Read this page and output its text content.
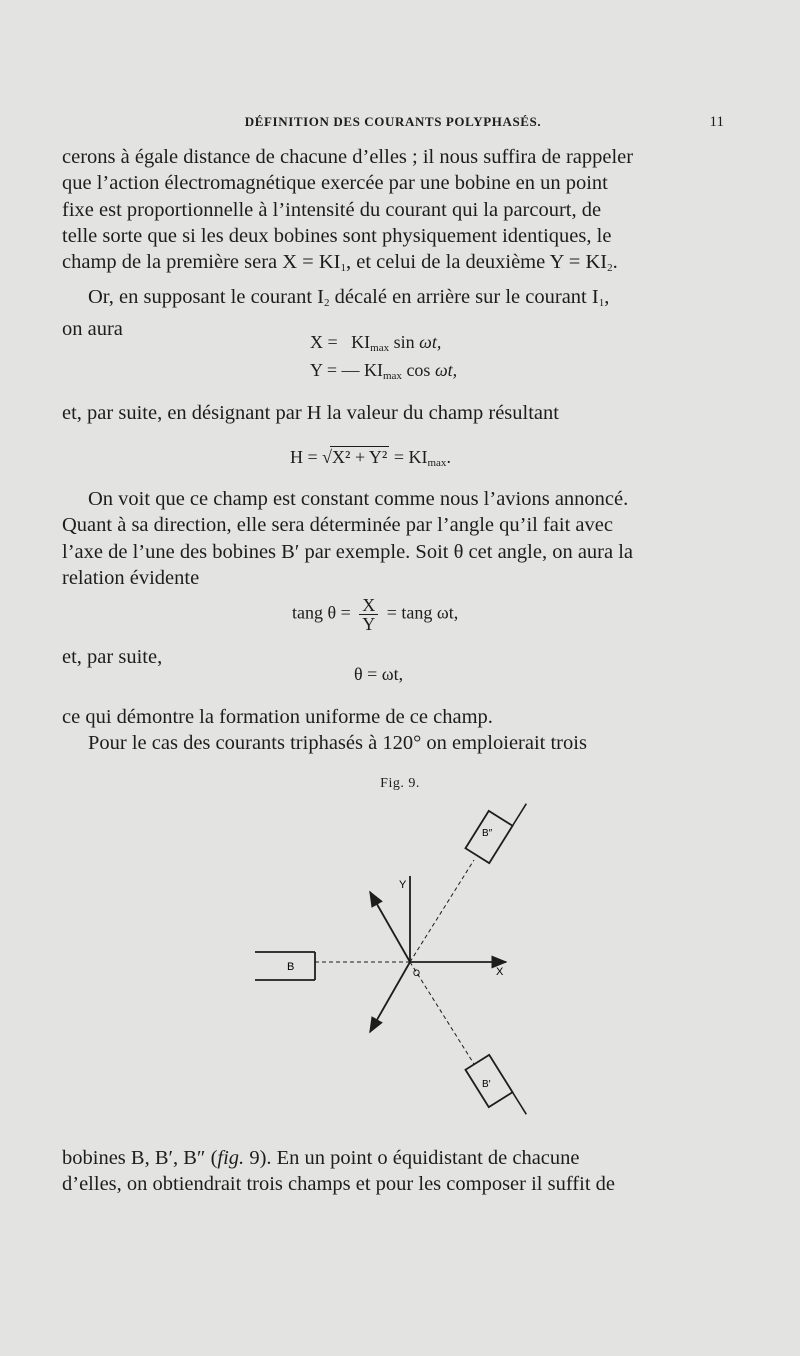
DÉFINITION DES COURANTS POLYPHASÉS.	11
cerons à égale distance de chacune d’elles ; il nous suffira de rappeler
que l’action électromagnétique exercée par une bobine en un point
fixe est proportionnelle à l’intensité du courant qui la parcourt, de
telle sorte que si les deux bobines sont physiquement identiques, le
champ de la première sera $X = KI_1$, et celui de la deuxième $Y = KI_2$.
Or, en supposant le courant $I_2$ décalé en arrière sur le courant $I_1$,
on aura
$X = KI_{max}$ sin ωt,
Y = — $KI_{max}$ cos ωt,
et, par suite, en désignant par H la valeur du champ résultant
$H = √X^2 + Y^2 = KI_{max}$.
On voit que ce champ est constant comme nous l’avions annoncé.
Quant à sa direction, elle sera déterminée par l’angle qu’il fait avec
l’axe de l’une des bobines B′ par exemple. Soit θ cet angle, on aura la
relation évidente
tang $\theta = \frac{X}{Y} = \tan g$ ωt,
et, par suite,
θ = ωt,
ce qui démontre la formation uniforme de ce champ.
Pour le cas des courants triphasés à 120° on emploierait trois
Fig. 9.
B
B″
B′
X
Y
O
bobines B, B′, B″ (fig. 9). En un point o équidistant de chacune
d’elles, on obtiendrait trois champs et pour les composer il suffit de
